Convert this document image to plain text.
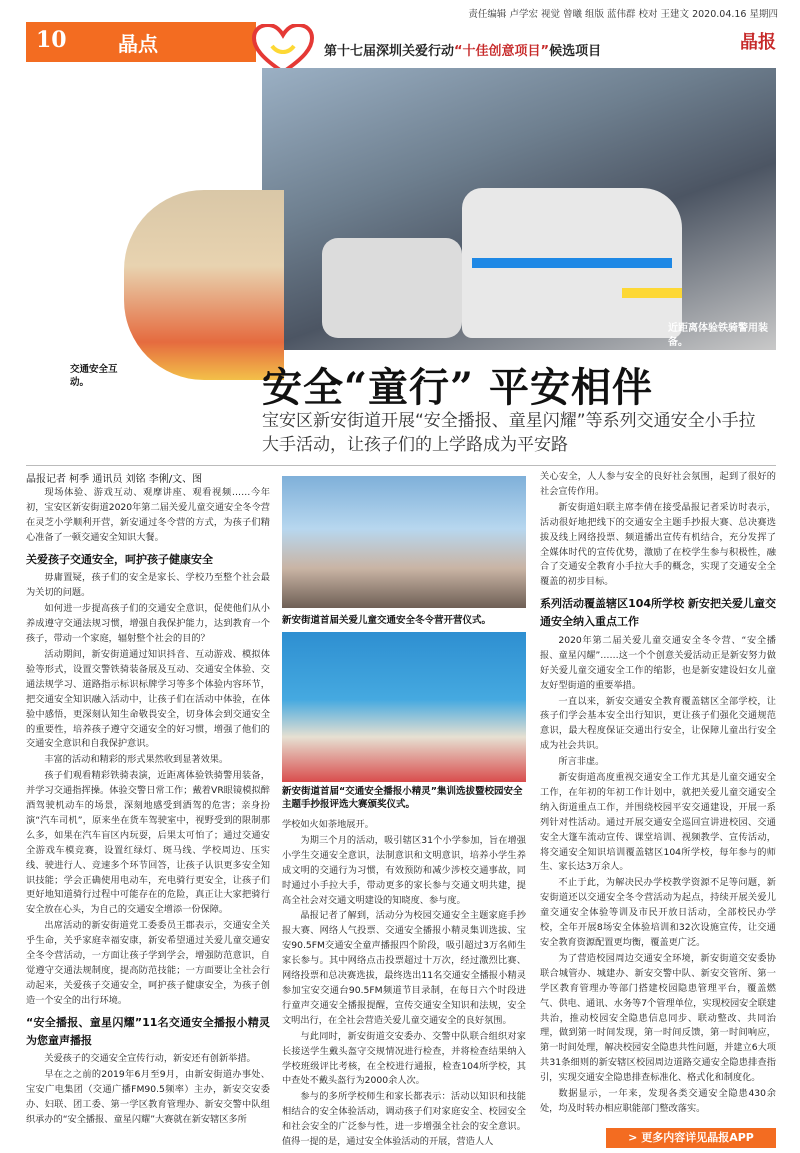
责任编辑 卢学宏 视觉 曾曦 组版 蓝伟群 校对 王建文 2020.04.16 星期四
10	晶点	第十七届深圳关爱行动“十佳创意项目”候选项目	晶报
近距离体验铁骑警用装备。
交通安全互动。	安全“童行” 平安相伴
宝安区新安街道开展“安全播报、童星闪耀”等系列交通安全小手拉大手活动，让孩子们的上学路成为平安路
晶报记者 柯季 通讯员 刘铭 李俐/文、图

现场体验、游戏互动、观摩讲座、观看视频……今年初，宝安区新安街道2020年第二届关爱儿童交通安全冬令营在灵芝小学顺利开营，新安通过冬令营的方式，为孩子们精心准备了一顿交通安全知识大餐。

关爱孩子交通安全，呵护孩子健康安全

毋庸置疑，孩子们的安全是家长、学校乃至整个社会最为关切的问题。

如何进一步提高孩子们的交通安全意识，促使他们从小养成遵守交通法规习惯，增强自我保护能力，达到教育一个孩子，带动一个家庭，辐射整个社会的目的？

活动期间，新安街道通过知识抖音、互动游戏、模拟体验等形式，设置交警铁骑装备展及互动、交通安全体验、交通法规学习、道路指示标识标牌学习等多个体验内容环节，把交通安全知识融入活动中，让孩子们在活动中体验，在体验中感悟，更深刻认知生命敬畏安全，切身体会到交通安全的重要性，培养孩子遵守交通安全的好习惯，增强了他们的交通安全意识和自我保护意识。

丰富的活动和精彩的形式果然收到显著效果。

孩子们观看精彩铁骑表演，近距离体验铁骑警用装备，并学习交通指挥操。体验交警日常工作；戴着VR眼镜模拟醉酒驾驶机动车的场景，深刻地感受到酒驾的危害；亲身扮演“汽车司机”，原来坐在货车驾驶室中，视野受到的限制那么多，如果在汽车盲区内玩耍，后果太可怕了；通过交通安全游戏车模竞赛，设置红绿灯、斑马线、学校周边、压实线、驶进行人、竞速多个环节回答，让孩子认识更多安全知识技能；学会正确使用电动车，充电骑行更安全，让孩子们更好地知道骑行过程中可能存在的危险，真正让大家把骑行安全放在心头，为自己的交通安全增添一份保障。

出席活动的新安街道党工委委员王郡表示，交通安全关乎生命，关乎家庭幸福安康，新安希望通过关爱儿童交通安全冬令营活动，一方面让孩子学到学会，增强防范意识，自觉遵守交通法规制度，提高防范技能；一方面要让全社会行动起来，关爱孩子交通安全，呵护孩子健康安全，为孩子创造一个安全的出行环境。

“安全播报、童星闪耀”11名交通安全播报小精灵为您童声播报

关爱孩子的交通安全宣传行动，新安还有创新举措。

早在之之前的2019年6月至9月，由新安街道办事处、宝安广电集团（交通广播FM90.5频率）主办，新安交安委办、妇联、团工委、第一学区教育管理办、新安交警中队组织承办的“安全播报、童星闪耀”大赛就在新安辖区多所

新安街道首届关爱儿童交通安全冬令营开营仪式。
新安街道首届“交通安全播报小精灵”集训选拔暨校园安全主题手抄报评选大赛颁奖仪式。

学校如火如荼地展开。

为期三个月的活动，吸引辖区31个小学参加，旨在增强小学生交通安全意识，法制意识和文明意识，培养小学生养成文明的交通行为习惯，有效预防和减少涉校交通事故，同时通过小手拉大手，带动更多的家长参与交通文明共建，提高全社会对交通文明建设的知晓度、参与度。

晶报记者了解到，活动分为校园交通安全主题家庭手抄报大赛、网络人气投票、交通安全播报小精灵集训选拔、宝安90.5FM交通安全童声播报四个阶段，吸引超过3万名师生家长参与。其中网络点击投票超过十万次，经过激烈比赛、网络投票和总决赛选拔，最终选出11名交通安全播报小精灵参加宝安交通台90.5FM频道节目录制，在每日六个时段进行童声交通安全播报提醒，宣传交通安全知识和法规，安全文明出行，在全社会营造关爱儿童交通安全的良好氛围。

与此同时，新安街道交安委办、交警中队联合组织对家长接送学生戴头盔守交规情况进行检查，并将检查结果纳入学校班级评比考核，在全校进行通报，检查104所学校，其中查处不戴头盔行为2000余人次。

参与的多所学校师生和家长都表示：活动以知识和技能相结合的安全体验活动，调动孩子们对家庭安全、校园安全和社会安全的广泛参与性，进一步增强全社会的安全意识。值得一提的是，通过安全体验活动的开展，营造人人

关心安全，人人参与安全的良好社会氛围，起到了很好的社会宣传作用。

新安街道妇联主席李倩在接受晶报记者采访时表示，活动很好地把线下的交通安全主题手抄报大赛、总决赛选拔及线上网络投票、频道播出宣传有机结合，充分发挥了全媒体时代的宣传优势，激励了在校学生参与积极性，融合了交通安全教育小手拉大手的概念，实现了交通安全全覆盖的初步目标。

系列活动覆盖辖区104所学校 新安把关爱儿童交通安全纳入重点工作

2020年第二届关爱儿童交通安全冬令营、“安全播报、童星闪耀”……这一个个创意关爱活动正是新安努力做好关爱儿童交通安全工作的缩影，也是新安建设妇女儿童友好型街道的重要举措。

一直以来，新安交通安全教育覆盖辖区全部学校，让孩子们学会基本安全出行知识，更让孩子们强化交通规范意识，最大程度保证交通出行安全，让保障儿童出行安全成为社会共识。

所言非虚。

新安街道高度重视交通安全工作尤其是儿童交通安全工作，在年初的年初工作计划中，就把关爱儿童交通安全纳入街道重点工作，并围绕校园平安交通建设，开展一系列针对性活动。通过开展交通安全巡回宣讲进校园、交通安全大篷车流动宣传、课堂培训、视频教学、宣传活动，将交通安全知识培训覆盖辖区104所学校，每年参与的师生、家长达3万余人。

不止于此，为解决民办学校教学资源不足等问题，新安街道还以交通安全冬令营活动为起点，持续开展关爱儿童交通安全体验等训及市民开放日活动，全部校民办学校，全年开展8场安全体验培训和32次设施宣传，让交通安全教育资源配置更均衡，覆盖更广泛。

为了营造校园周边交通安全环境，新安街道交安委协联合城管办、城建办、新安交警中队、新安交管所、第一学区教育管理办等部门搭建校园隐患管理平台，覆盖燃气、供电、通讯、水务等7个管理单位，实现校园安全联建共治，推动校园安全隐患信息同步、联动整改、共同治理，做到第一时间发现，第一时间反馈，第一时间响应，第一时间处理，解决校园安全隐患共性问题，并建立6大项共31条细则的新安辖区校园周边道路交通安全隐患排查指引，实现交通安全隐患排查标准化、格式化和制度化。

数据显示，一年来，发现各类交通安全隐患430余处，均及时转办相应职能部门整改落实。

> 更多内容详见晶报APP
